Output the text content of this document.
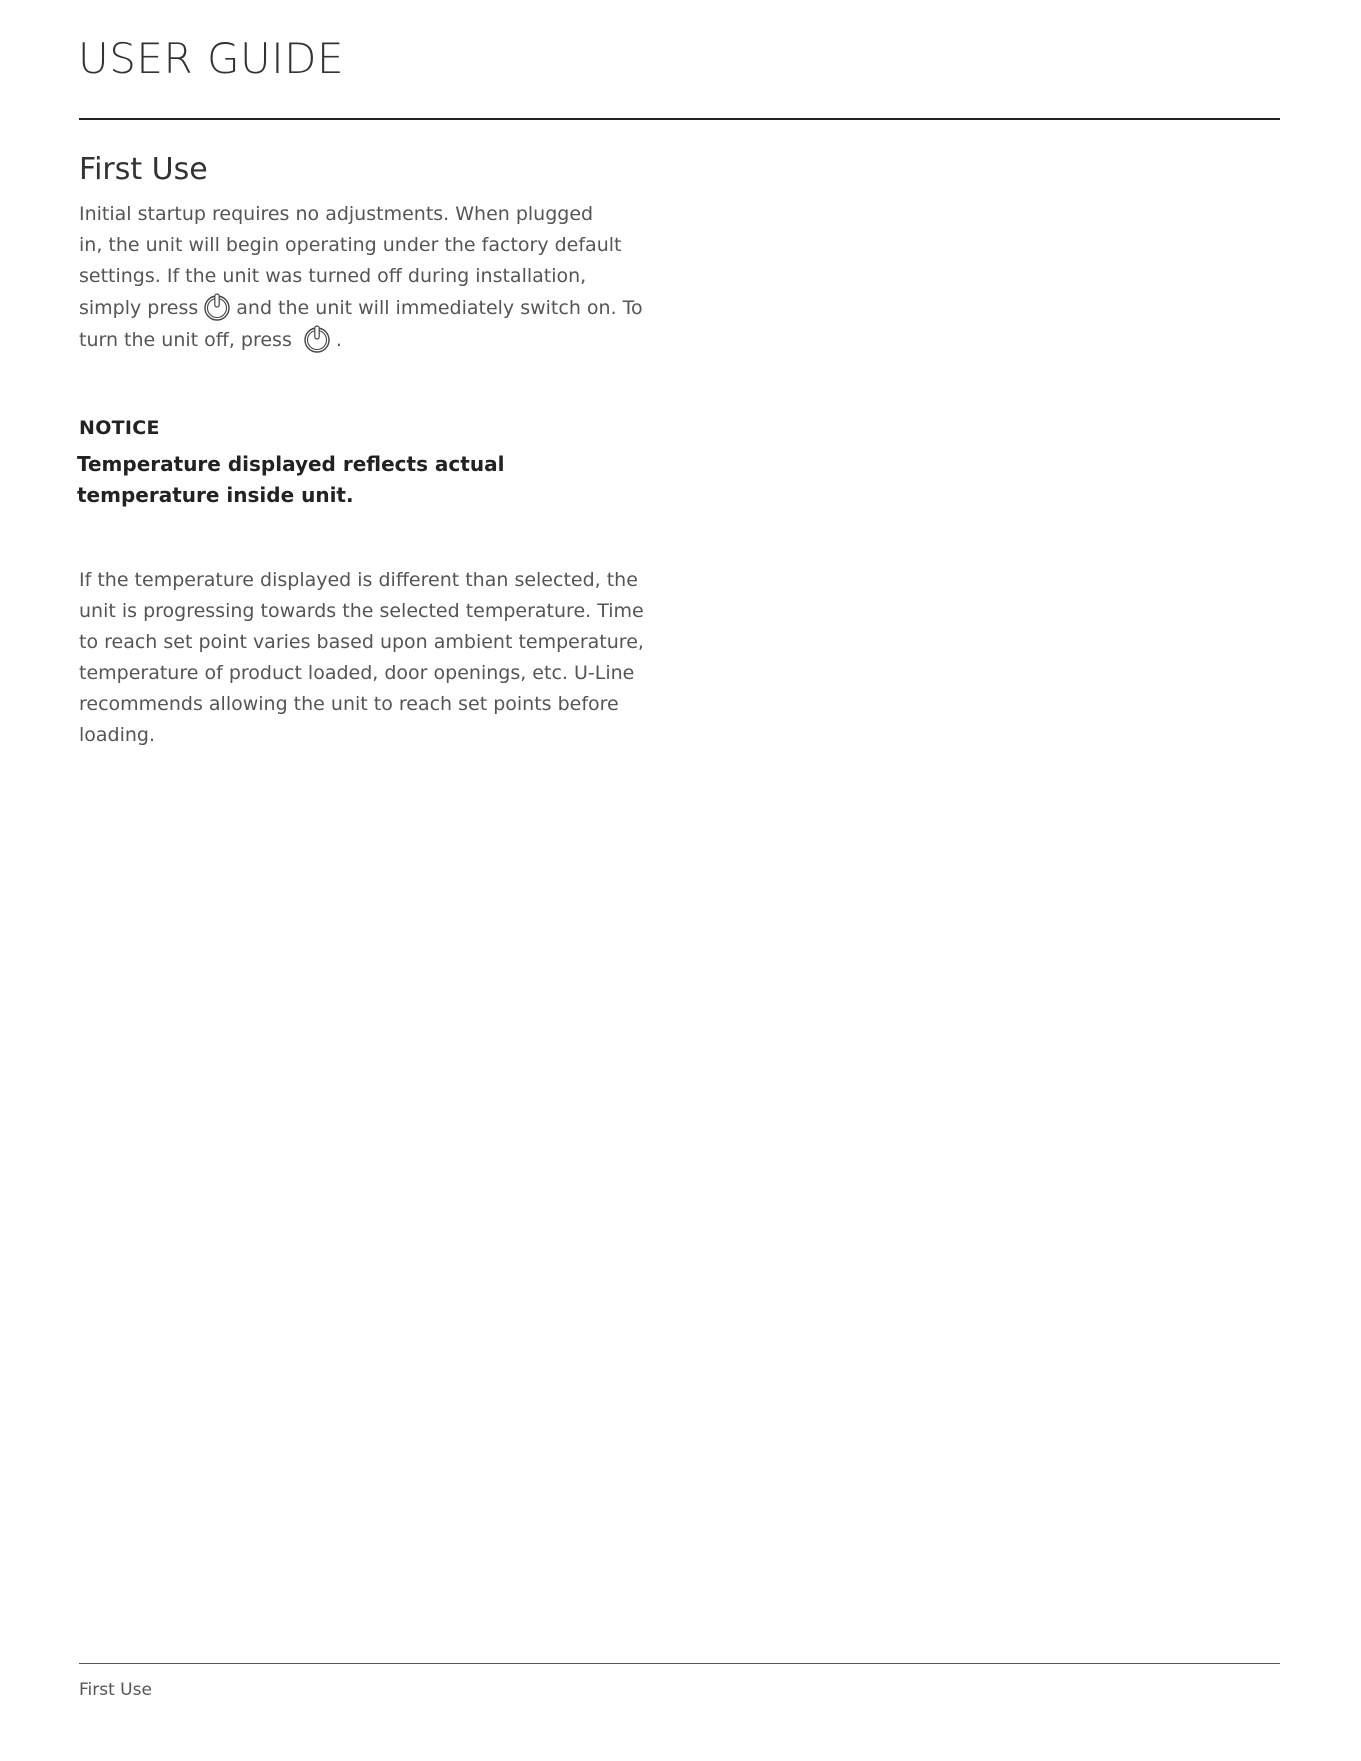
USER GUIDE
First Use

Initial startup requires no adjustments. When plugged
in, the unit will begin operating under the factory default
settings. If the unit was turned off during installation,
simply press and the unit will immediately switch on. To
turn the unit off, press .

NOTICE

Temperature displayed reflects actual
temperature inside unit.

If the temperature displayed is different than selected, the
unit is progressing towards the selected temperature. Time
to reach set point varies based upon ambient temperature,
temperature of product loaded, door openings, etc. U-Line
recommends allowing the unit to reach set points before
loading.

First Use
